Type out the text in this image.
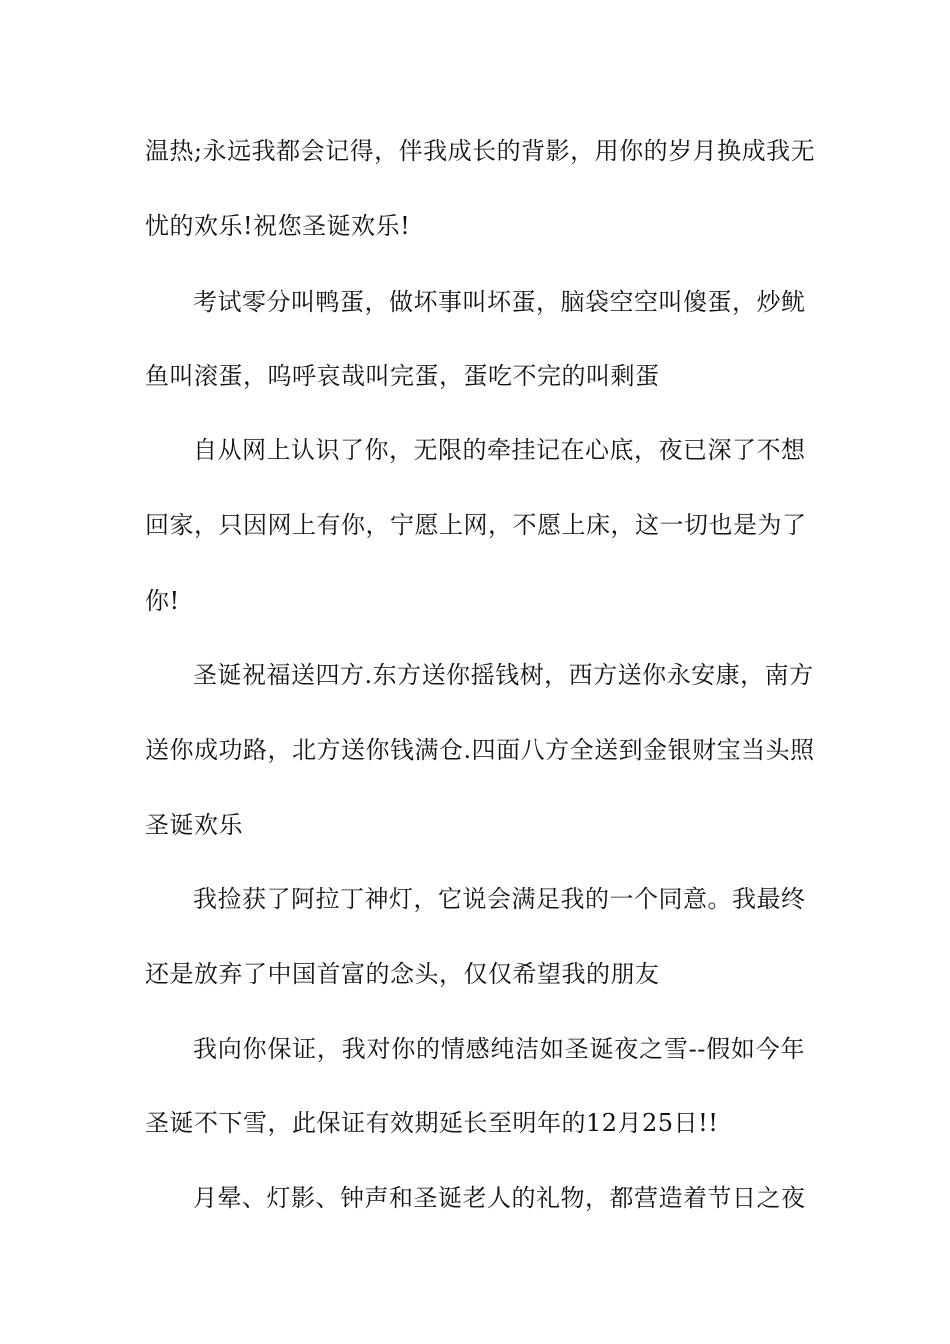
温热;永远我都会记得，伴我成长的背影，用你的岁月换成我无
忧的欢乐!祝您圣诞欢乐!
考试零分叫鸭蛋，做坏事叫坏蛋，脑袋空空叫傻蛋，炒鱿
鱼叫滚蛋，呜呼哀哉叫完蛋，蛋吃不完的叫剩蛋
自从网上认识了你，无限的牵挂记在心底，夜已深了不想
回家，只因网上有你，宁愿上网，不愿上床，这一切也是为了
你!
圣诞祝福送四方.东方送你摇钱树，西方送你永安康，南方
送你成功路，北方送你钱满仓.四面八方全送到金银财宝当头照
圣诞欢乐
我捡获了阿拉丁神灯，它说会满足我的一个同意。我最终
还是放弃了中国首富的念头，仅仅希望我的朋友
我向你保证，我对你的情感纯洁如圣诞夜之雪--假如今年
圣诞不下雪，此保证有效期延长至明年的12月25日!!
月晕、灯影、钟声和圣诞老人的礼物，都营造着节日之夜
